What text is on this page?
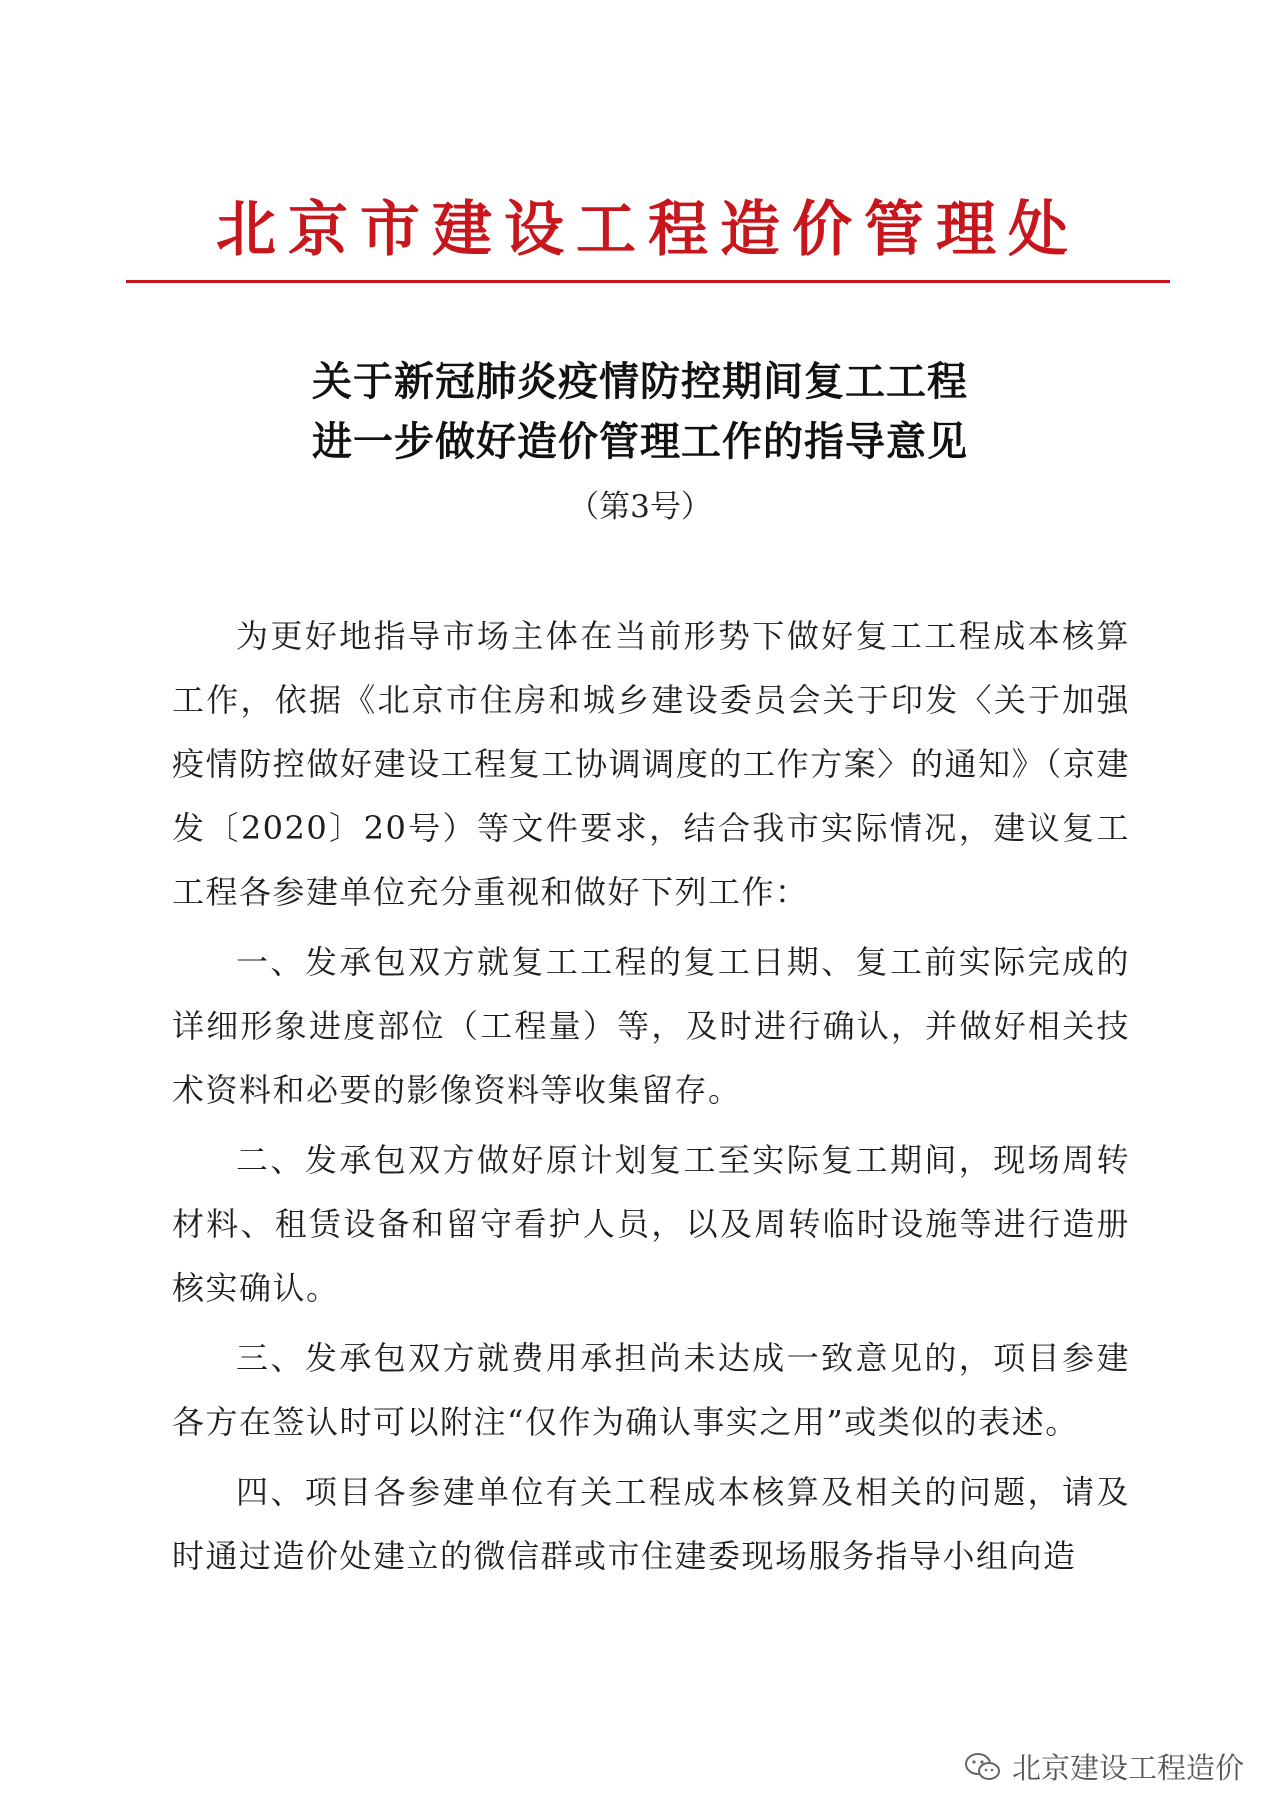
北京市建设工程造价管理处
关于新冠肺炎疫情防控期间复工工程
进一步做好造价管理工作的指导意见
（第3号）

为更好地指导市场主体在当前形势下做好复工工程成本核算工作，依据《北京市住房和城乡建设委员会关于印发〈关于加强疫情防控做好建设工程复工协调调度的工作方案〉的通知》（京建发〔2020〕20号）等文件要求，结合我市实际情况，建议复工工程各参建单位充分重视和做好下列工作：

一、发承包双方就复工工程的复工日期、复工前实际完成的详细形象进度部位（工程量）等，及时进行确认，并做好相关技术资料和必要的影像资料等收集留存。

二、发承包双方做好原计划复工至实际复工期间，现场周转材料、租赁设备和留守看护人员，以及周转临时设施等进行造册核实确认。

三、发承包双方就费用承担尚未达成一致意见的，项目参建各方在签认时可以附注“仅作为确认事实之用”或类似的表述。

四、项目各参建单位有关工程成本核算及相关的问题，请及时通过造价处建立的微信群或市住建委现场服务指导小组向造

北京建设工程造价
